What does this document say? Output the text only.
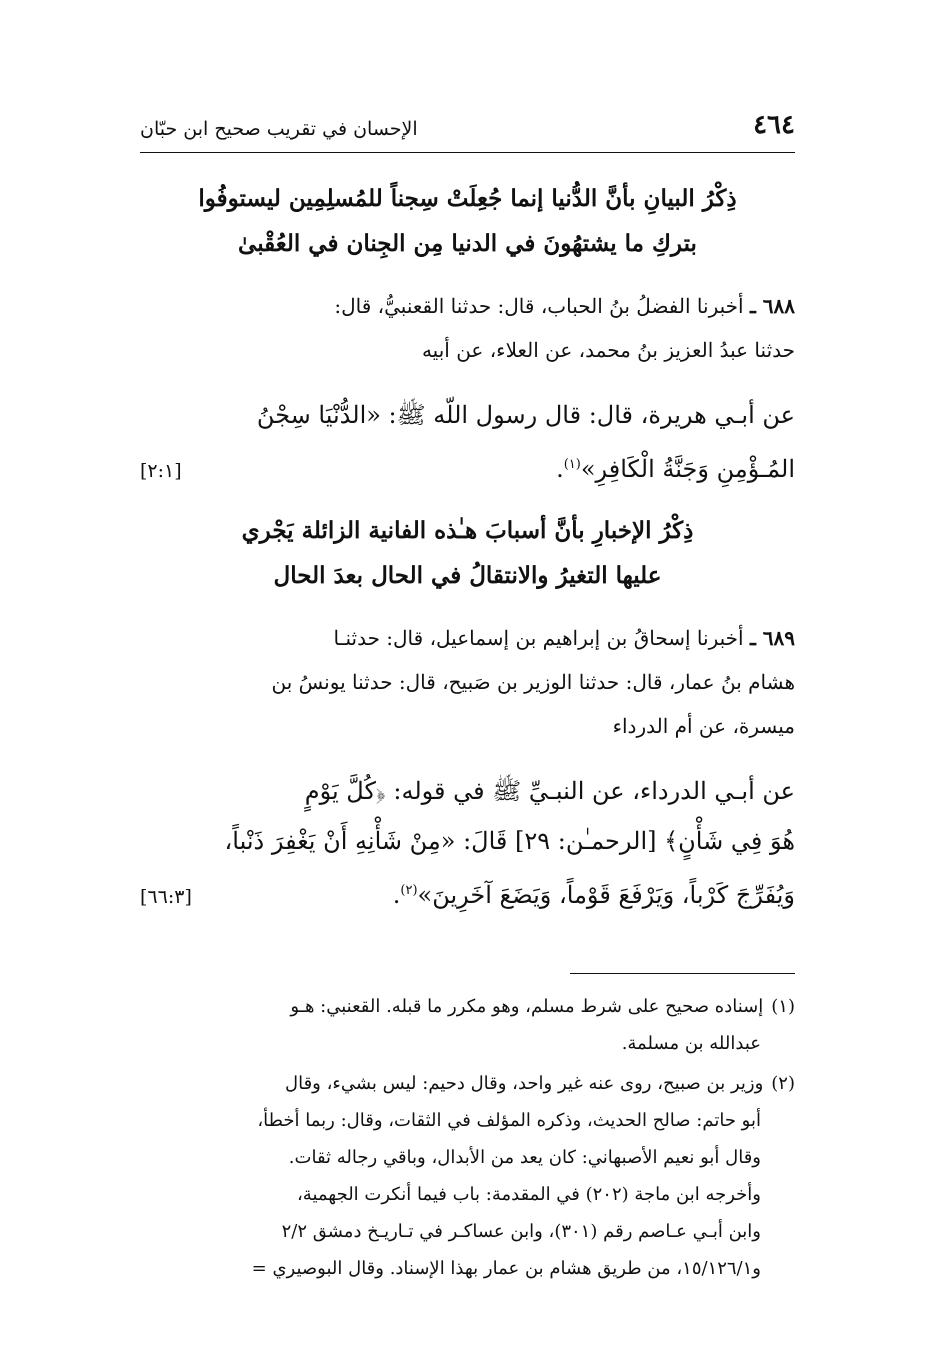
٤٦٤
الإحسان في تقريب صحيح ابن حبّان
ذِكْرُ البيانِ بأنَّ الدُّنيا إنما جُعِلَتْ سِجناً للمُسلِمِين ليستوفُوا
بتركِ ما يشتهُونَ في الدنيا مِن الجِنان في العُقْبىٰ
٦٨٨ ـ أخبرنا الفضلُ بنُ الحباب، قال: حدثنا القعنبيُّ، قال:
حدثنا عبدُ العزيز بنُ محمد، عن العلاء، عن أبيه
عن أبـي هريرة، قال: قال رسول اللّه ﷺ: «الدُّنْيَا سِجْنُ
المُـؤْمِنِ وَجَنَّةُ الْكَافِرِ»$^{(١)}$.
[٢:١]
ذِكْرُ الإخبارِ بأنَّ أسبابَ هـٰذه الفانية الزائلة يَجْري
عليها التغيرُ والانتقالُ في الحال بعدَ الحال
٦٨٩ ـ أخبرنا إسحاقُ بن إبراهيم بن إسماعيل، قال: حدثنـا
هشام بنُ عمار، قال: حدثنا الوزير بن صَبيح، قال: حدثنا يونسُ بن
ميسرة، عن أم الدرداء
عن أبـي الدرداء، عن النبـيِّ ﷺ في قوله: ﴿كُلَّ يَوْمٍ
هُوَ فِي شَأْنٍ﴾ [الرحمـٰن: ٢٩] قَالَ: «مِنْ شَأْنِهِ أَنْ يَغْفِرَ ذَنْباً،
وَيُفَرِّجَ كَرْباً، وَيَرْفَعَ قَوْماً، وَيَضَعَ آخَرِينَ»$^{(٢)}$.
[٦٦:٣]
(١)إسناده صحيح على شرط مسلم، وهو مكرر ما قبله. القعنبي: هـو
عبدالله بن مسلمة.
(٢)وزير بن صبيح، روى عنه غير واحد، وقال دحيم: ليس بشيء، وقال
أبو حاتم: صالح الحديث، وذكره المؤلف في الثقات، وقال: ربما أخطأ،
وقال أبو نعيم الأصبهاني: كان يعد من الأبدال، وباقي رجاله ثقات.
وأخرجه ابن ماجة (٢٠٢) في المقدمة: باب فيما أنكرت الجهمية،
وابن أبـي عـاصم رقم (٣٠١)، وابن عساكـر في تـاريـخ دمشق ٢/٢
و١٥/١٢٦/١، من طريق هشام بن عمار بهذا الإسناد. وقال البوصيري =
